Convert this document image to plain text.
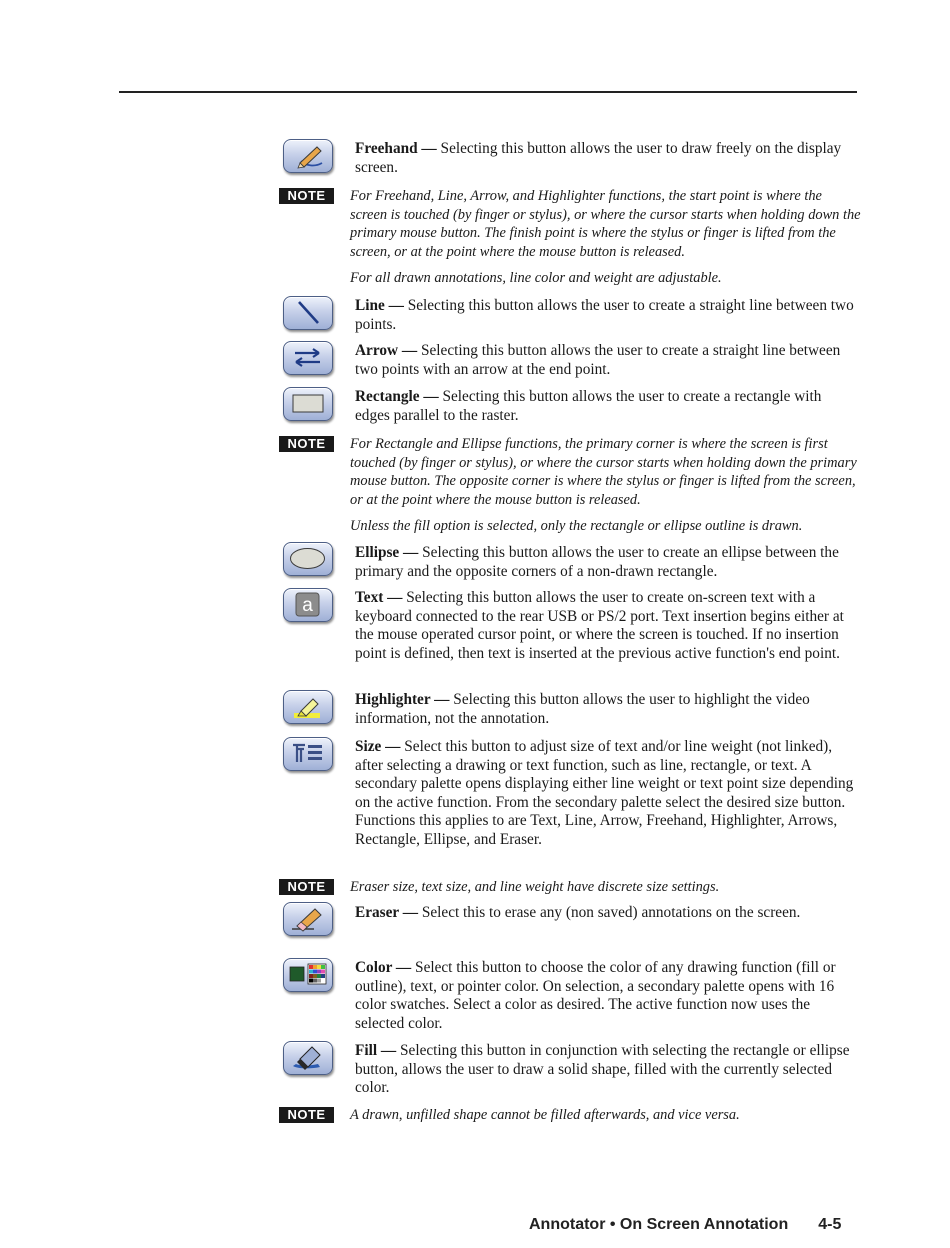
Freehand — Selecting this button allows the user to draw freely on the display screen.
NOTE	For Freehand, Line, Arrow, and Highlighter functions, the start point is where the screen is touched (by finger or stylus), or where the cursor starts when holding down the primary mouse button. The finish point is where the stylus or finger is lifted from the screen, or at the point where the mouse button is released.
For all drawn annotations, line color and weight are adjustable.
Line — Selecting this button allows the user to create a straight line between two points.
Arrow — Selecting this button allows the user to create a straight line between two points with an arrow at the end point.
Rectangle — Selecting this button allows the user to create a rectangle with edges parallel to the raster.
NOTE	For Rectangle and Ellipse functions, the primary corner is where the screen is first touched (by finger or stylus), or where the cursor starts when holding down the primary mouse button. The opposite corner is where the stylus or finger is lifted from the screen, or at the point where the mouse button is released.
Unless the fill option is selected, only the rectangle or ellipse outline is drawn.
Ellipse — Selecting this button allows the user to create an ellipse between the primary and the opposite corners of a non-drawn rectangle.
a	Text — Selecting this button allows the user to create on-screen text with a keyboard connected to the rear USB or PS/2 port. Text insertion begins either at the mouse operated cursor point, or where the screen is touched. If no insertion point is defined, then text is inserted at the previous active function's end point.
Highlighter — Selecting this button allows the user to highlight the video information, not the annotation.
Size — Select this button to adjust size of text and/or line weight (not linked), after selecting a drawing or text function, such as line, rectangle, or text. A secondary palette opens displaying either line weight or text point size depending on the active function. From the secondary palette select the desired size button. Functions this applies to are Text, Line, Arrow, Freehand, Highlighter, Arrows, Rectangle, Ellipse, and Eraser.
NOTE	Eraser size, text size, and line weight have discrete size settings.
Eraser — Select this to erase any (non saved) annotations on the screen.
Color — Select this button to choose the color of any drawing function (fill or outline), text, or pointer color. On selection, a secondary palette opens with 16 color swatches. Select a color as desired. The active function now uses the selected color.
Fill — Selecting this button in conjunction with selecting the rectangle or ellipse button, allows the user to draw a solid shape, filled with the currently selected color.
NOTE	A drawn, unfilled shape cannot be filled afterwards, and vice versa.
Annotator • On Screen Annotation 4-5
